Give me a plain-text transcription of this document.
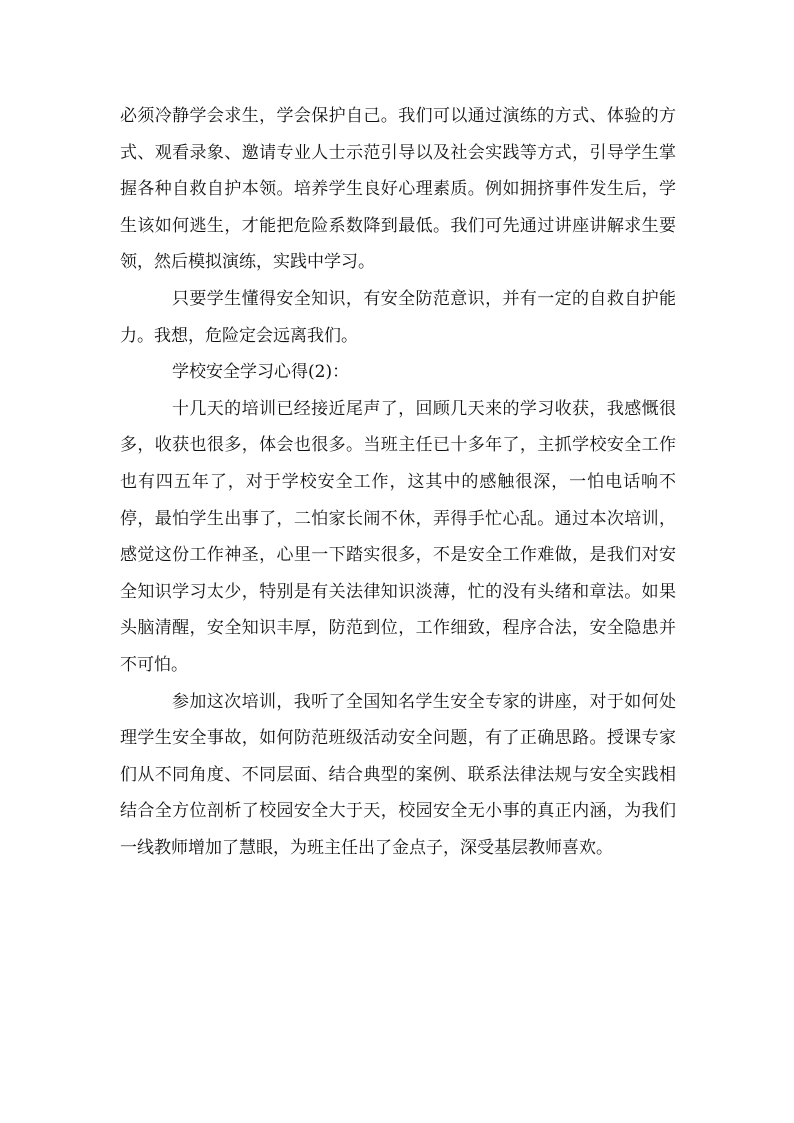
必须冷静学会求生，学会保护自己。我们可以通过演练的方式、体验的方式、观看录象、邀请专业人士示范引导以及社会实践等方式，引导学生掌握各种自救自护本领。培养学生良好心理素质。例如拥挤事件发生后，学生该如何逃生，才能把危险系数降到最低。我们可先通过讲座讲解求生要领，然后模拟演练，实践中学习。

只要学生懂得安全知识，有安全防范意识，并有一定的自救自护能力。我想，危险定会远离我们。

学校安全学习心得(2)：

十几天的培训已经接近尾声了，回顾几天来的学习收获，我感慨很多，收获也很多，体会也很多。当班主任已十多年了，主抓学校安全工作也有四五年了，对于学校安全工作，这其中的感触很深，一怕电话响不停，最怕学生出事了，二怕家长闹不休，弄得手忙心乱。通过本次培训，感觉这份工作神圣，心里一下踏实很多，不是安全工作难做，是我们对安全知识学习太少，特别是有关法律知识淡薄，忙的没有头绪和章法。如果头脑清醒，安全知识丰厚，防范到位，工作细致，程序合法，安全隐患并不可怕。

参加这次培训，我听了全国知名学生安全专家的讲座，对于如何处理学生安全事故，如何防范班级活动安全问题，有了正确思路。授课专家们从不同角度、不同层面、结合典型的案例、联系法律法规与安全实践相结合全方位剖析了校园安全大于天，校园安全无小事的真正内涵，为我们一线教师增加了慧眼，为班主任出了金点子，深受基层教师喜欢。
